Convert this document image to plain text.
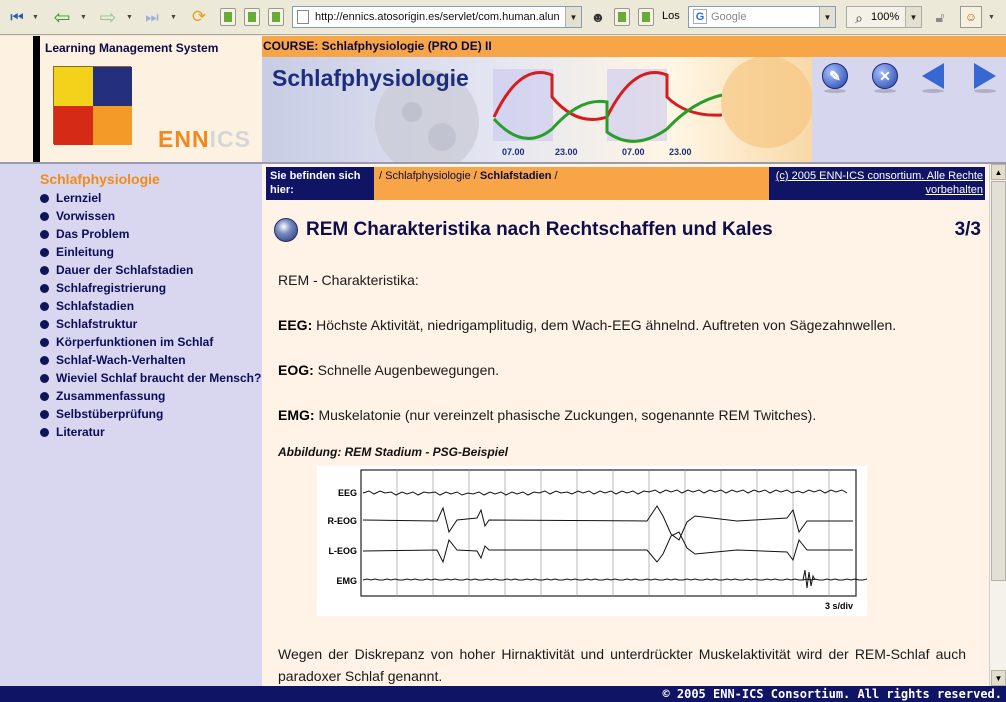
⏮	▼ ⇦	▼ ⇨	▼ ⏭	▼ ⟳	http://ennics.atosorigin.es/servlet/com.human.alun	▼ ☻	Los G Google	▼	⌕ 100%	▼	🔓︎	☺	▼
Learning Management System
ENNICS
COURSE: Schlafphysiologie (PRO DE) II
07.00	23.00	07.00	23.00
Schlafphysiologie	✎	✕
Schlafphysiologie
Lernziel
Vorwissen
Das Problem
Einleitung
Dauer der Schlafstadien
Schlafregistrierung
Schlafstadien
Schlafstruktur
Körperfunktionen im Schlaf
Schlaf-Wach-Verhalten
Wieviel Schlaf braucht der Mensch?
Zusammenfassung
Selbstüberprüfung
Literatur
Sie befinden sich hier:
/ Schlafphysiologie / Schlafstadien /	(c) 2005 ENN-ICS consortium. Alle Rechte vorbehalten
REM Charakteristika nach Rechtschaffen und Kales	3/3
REM - Charakteristika:
EEG: Höchste Aktivität, niedrigamplitudig, dem Wach-EEG ähnelnd. Auftreten von Sägezahnwellen.
EOG: Schnelle Augenbewegungen.
EMG: Muskelatonie (nur vereinzelt phasische Zuckungen, sogenannte REM Twitches).
Abbildung: REM Stadium - PSG-Beispiel
EEG
R-EOG
L-EOG
EMG
3 s/div
Wegen der Diskrepanz von hoher Hirnaktivität und unterdrückter Muskelaktivität wird der REM-Schlaf auch paradoxer Schlaf genannt.
▲
▼
© 2005 ENN-ICS Consortium. All rights reserved.
